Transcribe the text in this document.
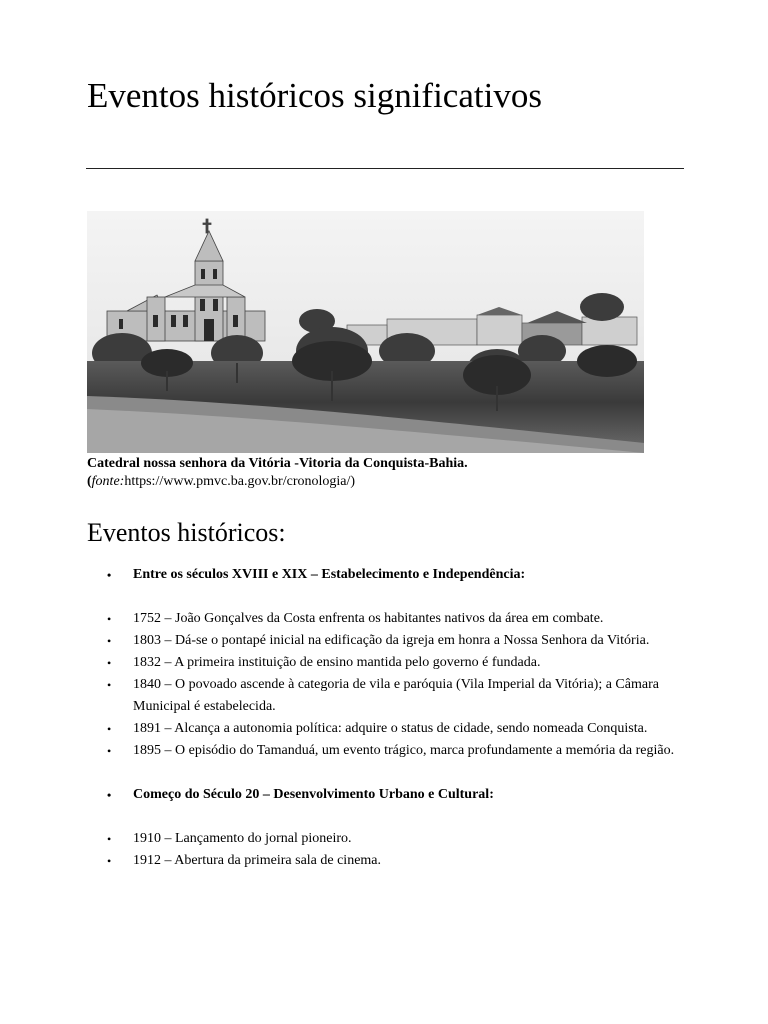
Eventos históricos significativos
Catedral nossa senhora da Vitória -Vitoria da Conquista-Bahia.
(fonte:https://www.pmvc.ba.gov.br/cronologia/)
Eventos históricos:
• Entre os séculos XVIII e XIX – Estabelecimento e Independência:
• 1752 – João Gonçalves da Costa enfrenta os habitantes nativos da área em combate.
• 1803 – Dá-se o pontapé inicial na edificação da igreja em honra a Nossa Senhora da Vitória.
• 1832 – A primeira instituição de ensino mantida pelo governo é fundada.
• 1840 – O povoado ascende à categoria de vila e paróquia (Vila Imperial da Vitória); a Câmara Municipal é estabelecida.
• 1891 – Alcança a autonomia política: adquire o status de cidade, sendo nomeada Conquista.
• 1895 – O episódio do Tamanduá, um evento trágico, marca profundamente a memória da região.
• Começo do Século 20 – Desenvolvimento Urbano e Cultural:
• 1910 – Lançamento do jornal pioneiro.
• 1912 – Abertura da primeira sala de cinema.
